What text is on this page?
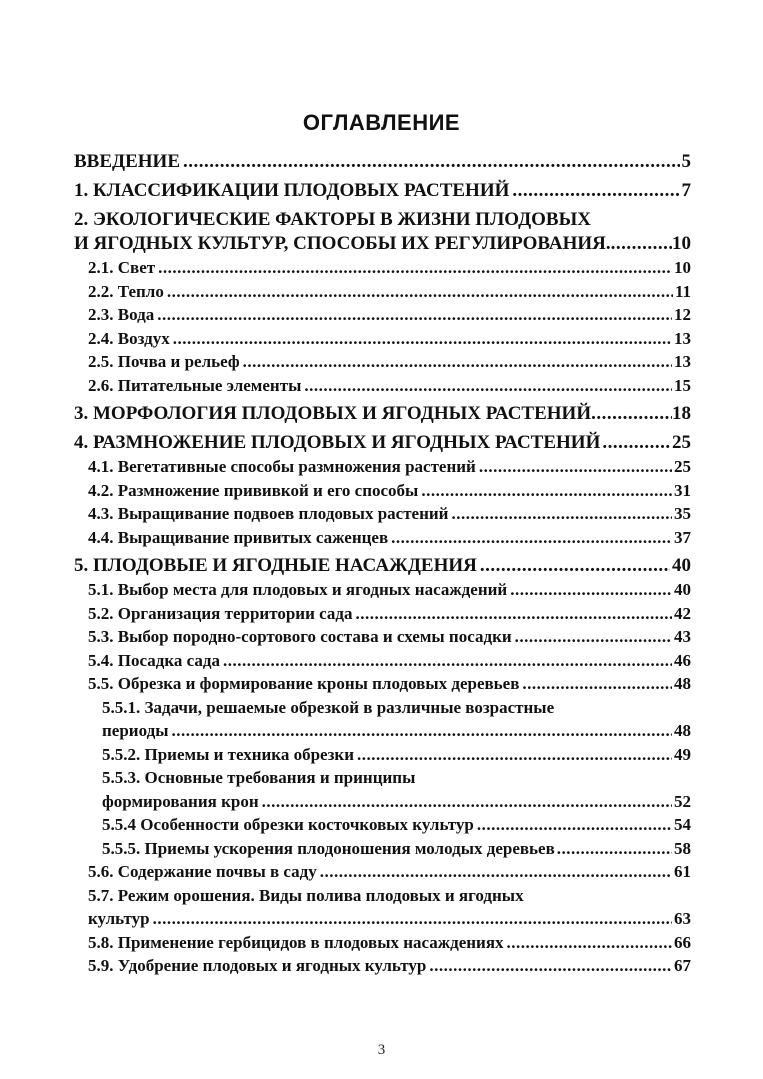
ОГЛАВЛЕНИЕ
ВВЕДЕНИЕ .....	5
1. КЛАССИФИКАЦИИ ПЛОДОВЫХ РАСТЕНИЙ .....	7
2. ЭКОЛОГИЧЕСКИЕ ФАКТОРЫ В ЖИЗНИ ПЛОДОВЫХ
И ЯГОДНЫХ КУЛЬТУР, СПОСОБЫ ИХ РЕГУЛИРОВАНИЯ. .....	10
2.1. Свет .....	10
2.2. Тепло .....	11
2.3. Вода .....	12
2.4. Воздух .....	13
2.5. Почва и рельеф .....	13
2.6. Питательные элементы .....	15
3. МОРФОЛОГИЯ ПЛОДОВЫХ И ЯГОДНЫХ РАСТЕНИЙ .....	18
4. РАЗМНОЖЕНИЕ ПЛОДОВЫХ И ЯГОДНЫХ РАСТЕНИЙ .....	25
4.1. Вегетативные способы размножения растений .....	25
4.2. Размножение прививкой и его способы .....	31
4.3. Выращивание подвоев плодовых растений .....	35
4.4. Выращивание привитых саженцев .....	37
5. ПЛОДОВЫЕ И ЯГОДНЫЕ НАСАЖДЕНИЯ .....	40
5.1. Выбор места для плодовых и ягодных насаждений .....	40
5.2. Организация территории сада .....	42
5.3. Выбор породно-сортового состава и схемы посадки .....	43
5.4. Посадка сада .....	46
5.5. Обрезка и формирование кроны плодовых деревьев .....	48
5.5.1. Задачи, решаемые обрезкой в различные возрастные
периоды .....	48
5.5.2. Приемы и техника обрезки .....	49
5.5.3. Основные требования и принципы
формирования крон .....	52
5.5.4 Особенности обрезки косточковых культур .....	54
5.5.5. Приемы ускорения плодоношения молодых деревьев .....	58
5.6. Содержание почвы в саду .....	61
5.7. Режим орошения. Виды полива плодовых и ягодных
культур .....	63
5.8. Применение гербицидов в плодовых насаждениях .....	66
5.9. Удобрение плодовых и ягодных культур .....	67
3
